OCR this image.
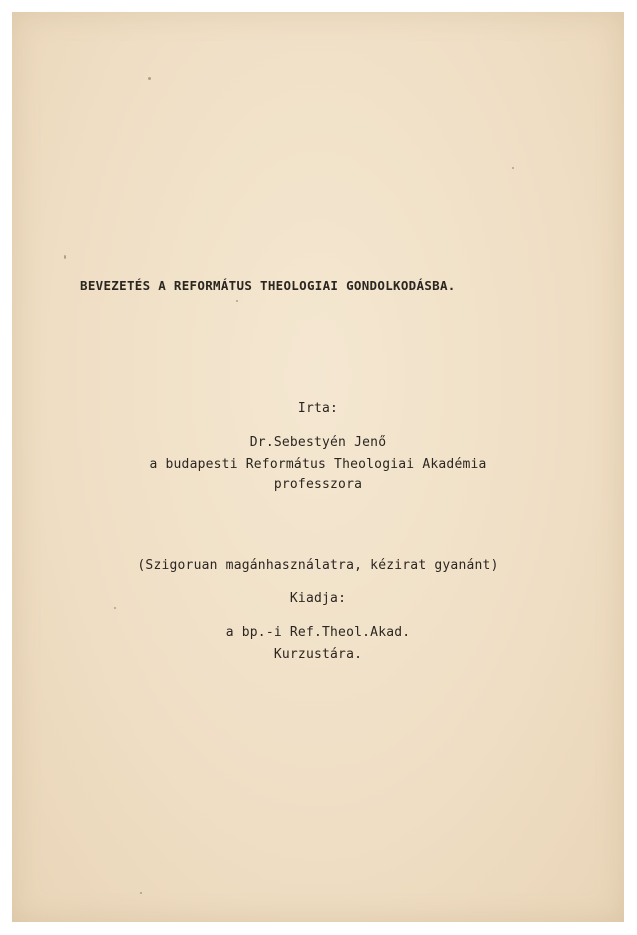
BEVEZETÉS A REFORMÁTUS THEOLOGIAI GONDOLKODÁSBA.
Irta:
Dr.Sebestyén Jenő
a budapesti Református Theologiai Akadémia
professzora
(Szigoruan magánhasználatra, kézirat gyanánt)
Kiadja:
a bp.-i Ref.Theol.Akad.
Kurzustára.
